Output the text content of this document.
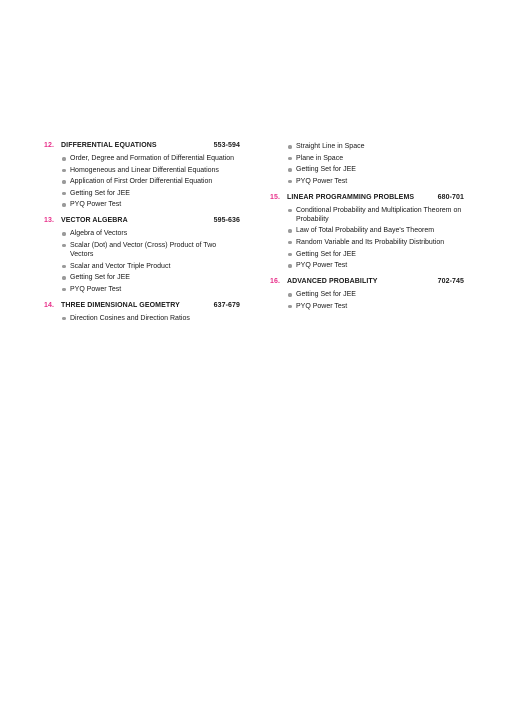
12. DIFFERENTIAL EQUATIONS	553-594
Order, Degree and Formation of Differential Equation
Homogeneous and Linear Differential Equations
Application of First Order Differential Equation
Getting Set for JEE
PYQ Power Test
13. VECTOR ALGEBRA	595-636
Algebra of Vectors
Scalar (Dot) and Vector (Cross) Product of Two Vectors
Scalar and Vector Triple Product
Getting Set for JEE
PYQ Power Test
14. THREE DIMENSIONAL GEOMETRY	637-679
Direction Cosines and Direction Ratios
Straight Line in Space
Plane in Space
Getting Set for JEE
PYQ Power Test
15. LINEAR PROGRAMMING PROBLEMS	680-701
Conditional Probability and Multiplication Theorem on Probability
Law of Total Probability and Baye's Theorem
Random Variable and Its Probability Distribution
Getting Set for JEE
PYQ Power Test
16. ADVANCED PROBABILITY	702-745
Getting Set for JEE
PYQ Power Test
